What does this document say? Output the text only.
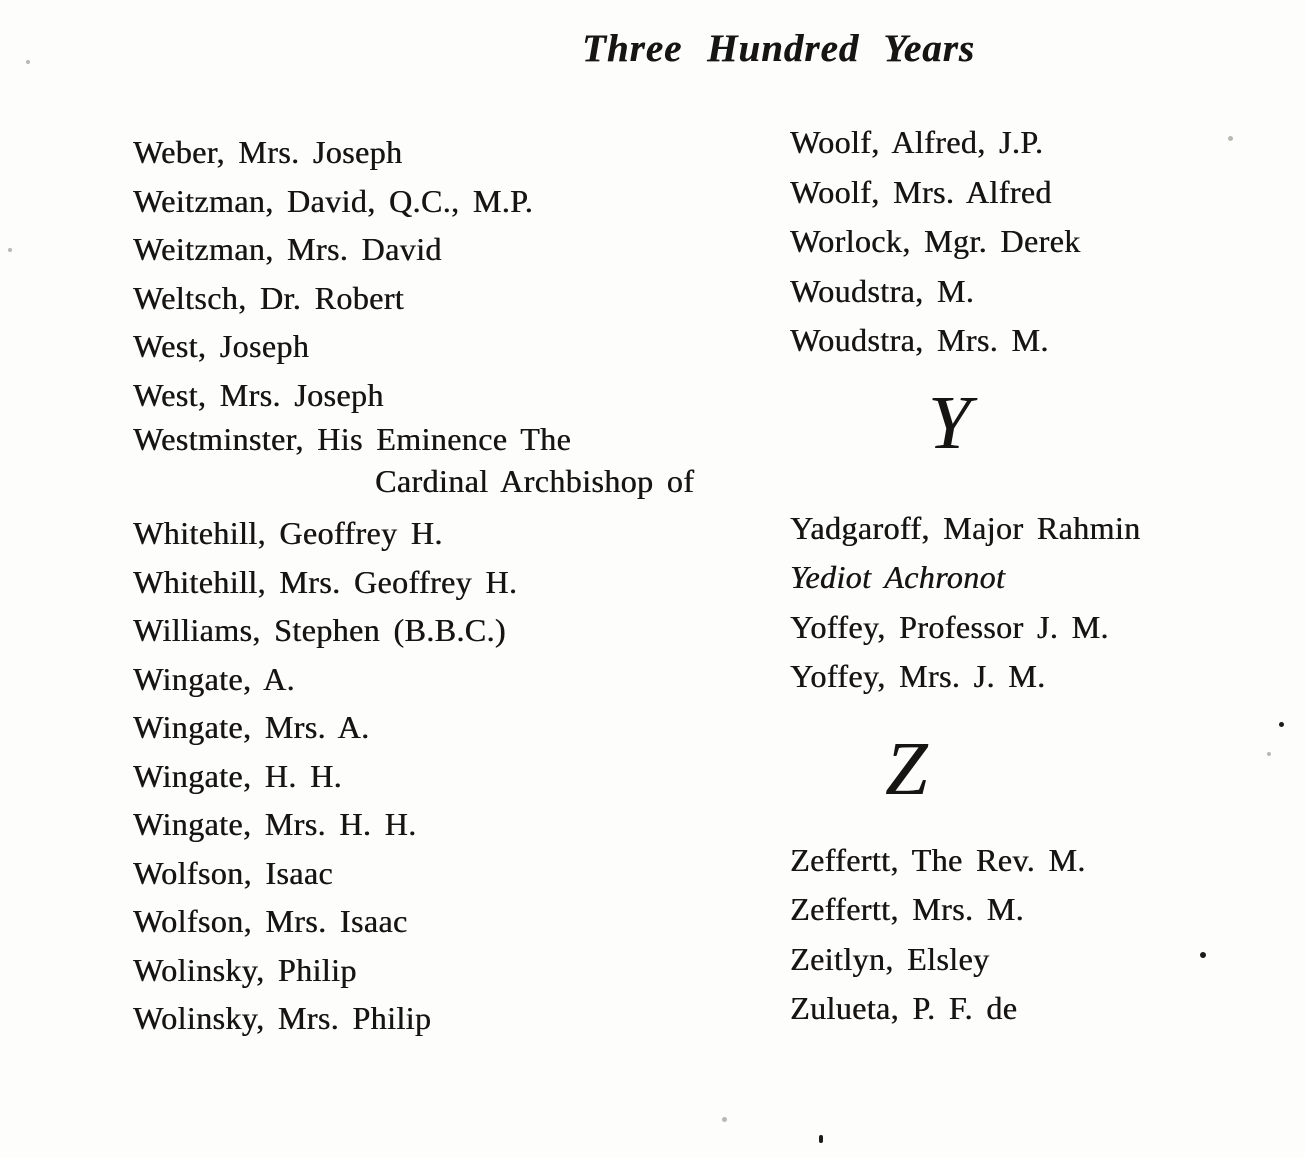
Three Hundred Years
Weber, Mrs. Joseph
Weitzman, David, Q.C., M.P.
Weitzman, Mrs. David
Weltsch, Dr. Robert
West, Joseph
West, Mrs. Joseph
Westminster, His Eminence The
Cardinal Archbishop of
Whitehill, Geoffrey H.
Whitehill, Mrs. Geoffrey H.
Williams, Stephen (B.B.C.)
Wingate, A.
Wingate, Mrs. A.
Wingate, H. H.
Wingate, Mrs. H. H.
Wolfson, Isaac
Wolfson, Mrs. Isaac
Wolinsky, Philip
Wolinsky, Mrs. Philip
Woolf, Alfred, J.P.
Woolf, Mrs. Alfred
Worlock, Mgr. Derek
Woudstra, M.
Woudstra, Mrs. M.
Y
Yadgaroff, Major Rahmin
Yediot Achronot
Yoffey, Professor J. M.
Yoffey, Mrs. J. M.
Z
Zeffertt, The Rev. M.
Zeffertt, Mrs. M.
Zeitlyn, Elsley
Zulueta, P. F. de
